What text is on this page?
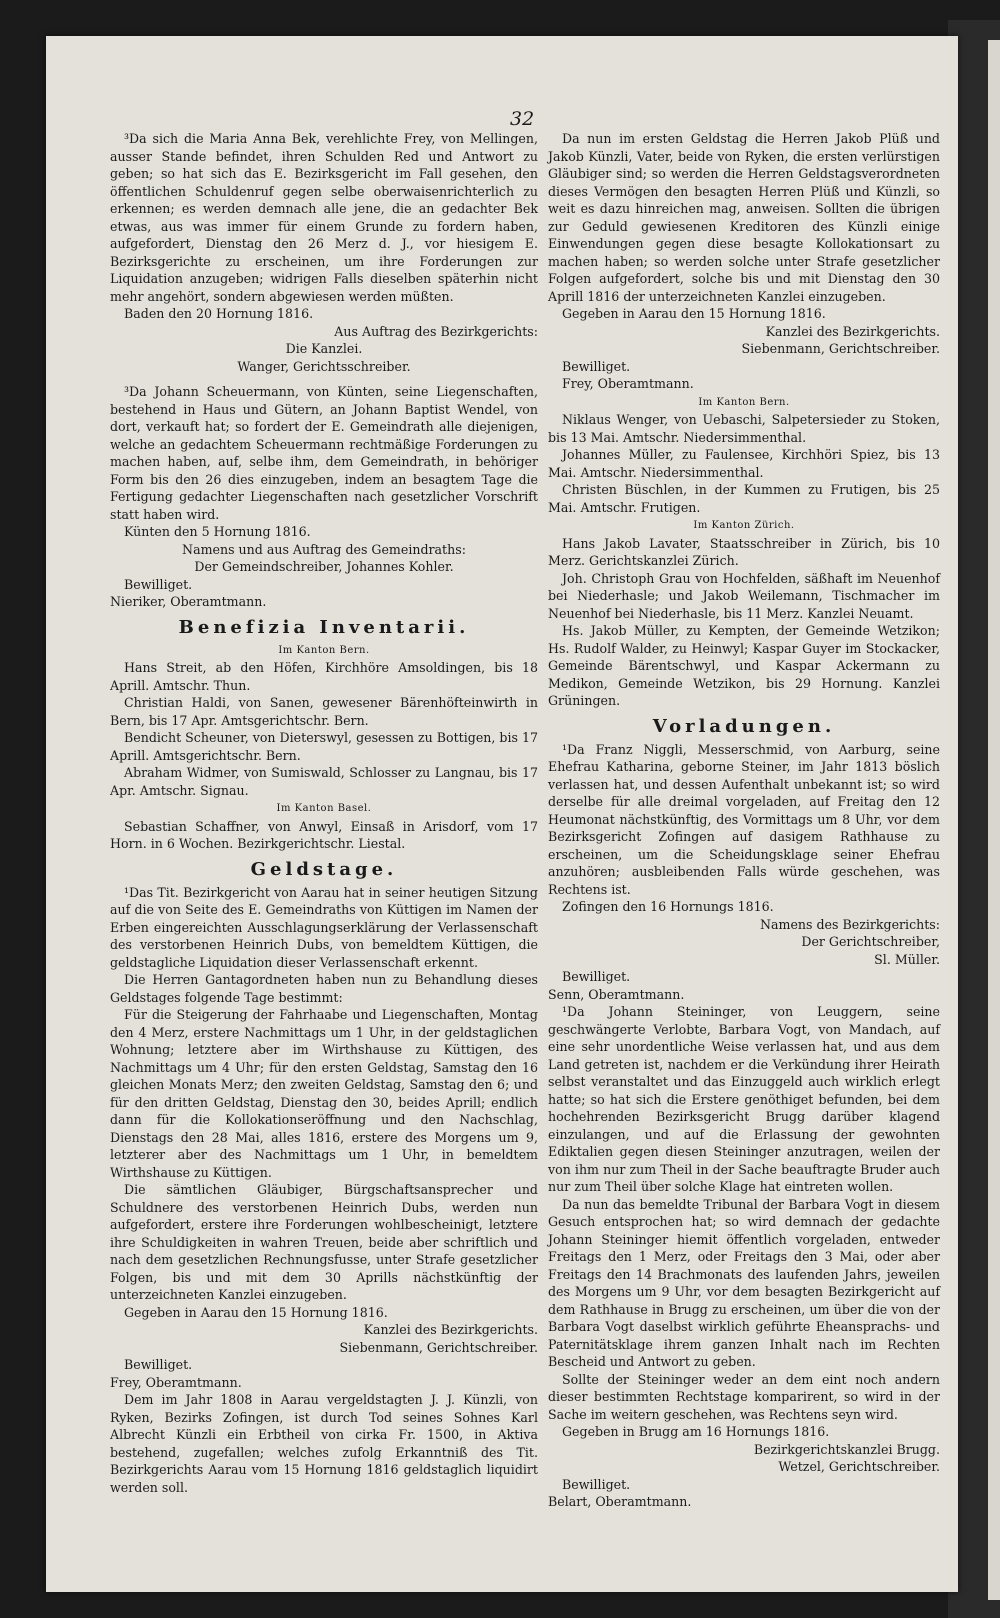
32

³Da sich die Maria Anna Bek, verehlichte Frey, von Mellingen, ausser Stande befindet, ihren Schulden Red und Antwort zu geben; so hat sich das E. Bezirksgericht im Fall gesehen, den öffentlichen Schuldenruf gegen selbe oberwaisenrichterlich zu erkennen; es werden demnach alle jene, die an gedachter Bek etwas, aus was immer für einem Grunde zu fordern haben, aufgefordert, Dienstag den 26 Merz d. J., vor hiesigem E. Bezirksgerichte zu erscheinen, um ihre Forderungen zur Liquidation anzugeben; widrigen Falls dieselben späterhin nicht mehr angehört, sondern abgewiesen werden müßten.

Baden den 20 Hornung 1816.

Aus Auftrag des Bezirkgerichts:

Die Kanzlei.

Wanger, Gerichtsschreiber.

³Da Johann Scheuermann, von Künten, seine Liegenschaften, bestehend in Haus und Gütern, an Johann Baptist Wendel, von dort, verkauft hat; so fordert der E. Gemeindrath alle diejenigen, welche an gedachtem Scheuermann rechtmäßige Forderungen zu machen haben, auf, selbe ihm, dem Gemeindrath, in behöriger Form bis den 26 dies einzugeben, indem an besagtem Tage die Fertigung gedachter Liegenschaften nach gesetzlicher Vorschrift statt haben wird.

Künten den 5 Hornung 1816.

Namens und aus Auftrag des Gemeindraths:

Der Gemeindschreiber, Johannes Kohler.

Bewilliget.

Nieriker, Oberamtmann.

Benefizia Inventarii.

Im Kanton Bern.

Hans Streit, ab den Höfen, Kirchhöre Amsoldingen, bis 18 Aprill. Amtschr. Thun.

Christian Haldi, von Sanen, gewesener Bärenhöfteinwirth in Bern, bis 17 Apr. Amtsgerichtschr. Bern.

Bendicht Scheuner, von Dieterswyl, gesessen zu Bottigen, bis 17 Aprill. Amtsgerichtschr. Bern.

Abraham Widmer, von Sumiswald, Schlosser zu Langnau, bis 17 Apr. Amtschr. Signau.

Im Kanton Basel.

Sebastian Schaffner, von Anwyl, Einsaß in Arisdorf, vom 17 Horn. in 6 Wochen. Bezirkgerichtschr. Liestal.

Geldstage.

¹Das Tit. Bezirkgericht von Aarau hat in seiner heutigen Sitzung auf die von Seite des E. Gemeindraths von Küttigen im Namen der Erben eingereichten Ausschlagungserklärung der Verlassenschaft des verstorbenen Heinrich Dubs, von bemeldtem Küttigen, die geldstagliche Liquidation dieser Verlassenschaft erkennt.

Die Herren Gantagordneten haben nun zu Behandlung dieses Geldstages folgende Tage bestimmt:

Für die Steigerung der Fahrhaabe und Liegenschaften, Montag den 4 Merz, erstere Nachmittags um 1 Uhr, in der geldstaglichen Wohnung; letztere aber im Wirthshause zu Küttigen, des Nachmittags um 4 Uhr; für den ersten Geldstag, Samstag den 16 gleichen Monats Merz; den zweiten Geldstag, Samstag den 6; und für den dritten Geldstag, Dienstag den 30, beides Aprill; endlich dann für die Kollokationseröffnung und den Nachschlag, Dienstags den 28 Mai, alles 1816, erstere des Morgens um 9, letzterer aber des Nachmittags um 1 Uhr, in bemeldtem Wirthshause zu Küttigen.

Die sämtlichen Gläubiger, Bürgschaftsansprecher und Schuldnere des verstorbenen Heinrich Dubs, werden nun aufgefordert, erstere ihre Forderungen wohlbescheinigt, letztere ihre Schuldigkeiten in wahren Treuen, beide aber schriftlich und nach dem gesetzlichen Rechnungsfusse, unter Strafe gesetzlicher Folgen, bis und mit dem 30 Aprills nächstkünftig der unterzeichneten Kanzlei einzugeben.

Gegeben in Aarau den 15 Hornung 1816.

Kanzlei des Bezirkgerichts.

Siebenmann, Gerichtschreiber.

Bewilliget.

Frey, Oberamtmann.

Dem im Jahr 1808 in Aarau vergeldstagten J. J. Künzli, von Ryken, Bezirks Zofingen, ist durch Tod seines Sohnes Karl Albrecht Künzli ein Erbtheil von cirka Fr. 1500, in Aktiva bestehend, zugefallen; welches zufolg Erkanntniß des Tit. Bezirkgerichts Aarau vom 15 Hornung 1816 geldstaglich liquidirt werden soll.

Da nun im ersten Geldstag die Herren Jakob Plüß und Jakob Künzli, Vater, beide von Ryken, die ersten verlürstigen Gläubiger sind; so werden die Herren Geldstagsverordneten dieses Vermögen den besagten Herren Plüß und Künzli, so weit es dazu hinreichen mag, anweisen. Sollten die übrigen zur Geduld gewiesenen Kreditoren des Künzli einige Einwendungen gegen diese besagte Kollokationsart zu machen haben; so werden solche unter Strafe gesetzlicher Folgen aufgefordert, solche bis und mit Dienstag den 30 Aprill 1816 der unterzeichneten Kanzlei einzugeben.

Gegeben in Aarau den 15 Hornung 1816.

Kanzlei des Bezirkgerichts.

Siebenmann, Gerichtschreiber.

Bewilliget.

Frey, Oberamtmann.

Im Kanton Bern.

Niklaus Wenger, von Uebaschi, Salpetersieder zu Stoken, bis 13 Mai. Amtschr. Niedersimmenthal.

Johannes Müller, zu Faulensee, Kirchhöri Spiez, bis 13 Mai. Amtschr. Niedersimmenthal.

Christen Büschlen, in der Kummen zu Frutigen, bis 25 Mai. Amtschr. Frutigen.

Im Kanton Zürich.

Hans Jakob Lavater, Staatsschreiber in Zürich, bis 10 Merz. Gerichtskanzlei Zürich.

Joh. Christoph Grau von Hochfelden, säßhaft im Neuenhof bei Niederhasle; und Jakob Weilemann, Tischmacher im Neuenhof bei Niederhasle, bis 11 Merz. Kanzlei Neuamt.

Hs. Jakob Müller, zu Kempten, der Gemeinde Wetzikon; Hs. Rudolf Walder, zu Heinwyl; Kaspar Guyer im Stockacker, Gemeinde Bärentschwyl, und Kaspar Ackermann zu Medikon, Gemeinde Wetzikon, bis 29 Hornung. Kanzlei Grüningen.

Vorladungen.

¹Da Franz Niggli, Messerschmid, von Aarburg, seine Ehefrau Katharina, geborne Steiner, im Jahr 1813 böslich verlassen hat, und dessen Aufenthalt unbekannt ist; so wird derselbe für alle dreimal vorgeladen, auf Freitag den 12 Heumonat nächstkünftig, des Vormittags um 8 Uhr, vor dem Bezirksgericht Zofingen auf dasigem Rathhause zu erscheinen, um die Scheidungsklage seiner Ehefrau anzuhören; ausbleibenden Falls würde geschehen, was Rechtens ist.

Zofingen den 16 Hornungs 1816.

Namens des Bezirkgerichts:

Der Gerichtschreiber,

Sl. Müller.

Bewilliget.

Senn, Oberamtmann.

¹Da Johann Steininger, von Leuggern, seine geschwängerte Verlobte, Barbara Vogt, von Mandach, auf eine sehr unordentliche Weise verlassen hat, und aus dem Land getreten ist, nachdem er die Verkündung ihrer Heirath selbst veranstaltet und das Einzuggeld auch wirklich erlegt hatte; so hat sich die Erstere genöthiget befunden, bei dem hochehrenden Bezirksgericht Brugg darüber klagend einzulangen, und auf die Erlassung der gewohnten Ediktalien gegen diesen Steininger anzutragen, weilen der von ihm nur zum Theil in der Sache beauftragte Bruder auch nur zum Theil über solche Klage hat eintreten wollen.

Da nun das bemeldte Tribunal der Barbara Vogt in diesem Gesuch entsprochen hat; so wird demnach der gedachte Johann Steininger hiemit öffentlich vorgeladen, entweder Freitags den 1 Merz, oder Freitags den 3 Mai, oder aber Freitags den 14 Brachmonats des laufenden Jahrs, jeweilen des Morgens um 9 Uhr, vor dem besagten Bezirkgericht auf dem Rathhause in Brugg zu erscheinen, um über die von der Barbara Vogt daselbst wirklich geführte Eheansprachs- und Paternitätsklage ihrem ganzen Inhalt nach im Rechten Bescheid und Antwort zu geben.

Sollte der Steininger weder an dem eint noch andern dieser bestimmten Rechtstage komparirent, so wird in der Sache im weitern geschehen, was Rechtens seyn wird.

Gegeben in Brugg am 16 Hornungs 1816.

Bezirkgerichtskanzlei Brugg.

Wetzel, Gerichtschreiber.

Bewilliget.

Belart, Oberamtmann.
